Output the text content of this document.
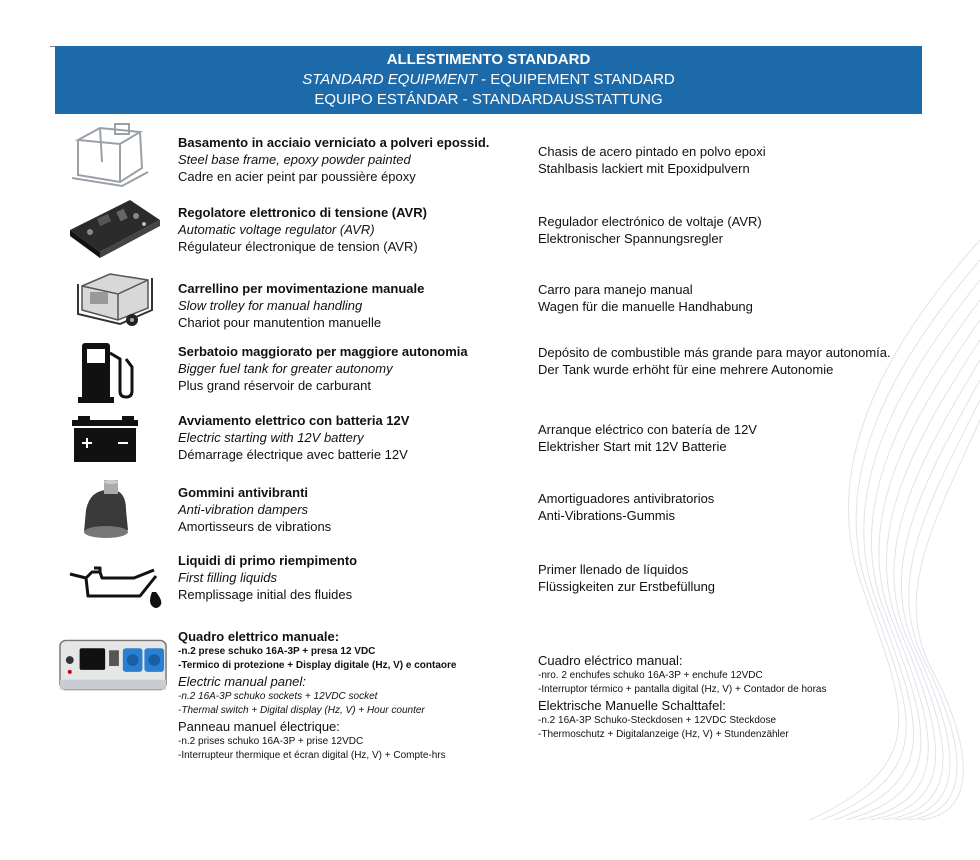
ALLESTIMENTO STANDARD
STANDARD EQUIPMENT - EQUIPEMENT STANDARD
EQUIPO ESTÁNDAR - STANDARDAUSSTATTUNG
Basamento in acciaio verniciato a polveri epossid.
Steel base frame, epoxy powder painted
Cadre en acier peint par poussière époxy
Chasis de acero pintado en polvo epoxi
Stahlbasis lackiert mit Epoxidpulvern
Regolatore elettronico di tensione (AVR)
Automatic voltage regulator (AVR)
Régulateur électronique de tension (AVR)
Regulador electrónico de voltaje (AVR)
Elektronischer Spannungsregler
Carrellino per movimentazione manuale
Slow trolley for manual handling
Chariot pour manutention manuelle
Carro para manejo manual
Wagen für die manuelle Handhabung
Serbatoio maggiorato per maggiore autonomia
Bigger fuel tank for greater autonomy
Plus grand réservoir de carburant
Depósito de combustible más grande para mayor autonomía.
Der Tank wurde erhöht für eine mehrere Autonomie
Avviamento elettrico con batteria 12V
Electric starting with 12V battery
Démarrage électrique avec batterie 12V
Arranque eléctrico con batería de 12V
Elektrisher Start mit 12V Batterie
Gommini antivibranti
Anti-vibration dampers
Amortisseurs de vibrations
Amortiguadores antivibratorios
Anti-Vibrations-Gummis
Liquidi di primo riempimento
First filling liquids
Remplissage initial des fluides
Primer llenado de líquidos
Flüssigkeiten zur Erstbefüllung
Quadro elettrico manuale:
-n.2 prese schuko 16A-3P + presa 12 VDC
-Termico di protezione + Display digitale (Hz, V) e contaore
Electric manual panel:
-n.2 16A-3P schuko sockets + 12VDC socket
-Thermal switch + Digital display (Hz, V) + Hour counter
Panneau manuel électrique:
-n.2 prises schuko 16A-3P + prise 12VDC
-Interrupteur thermique et écran digital (Hz, V) + Compte-hrs
Cuadro eléctrico manual:
-nro. 2 enchufes schuko 16A-3P + enchufe 12VDC
-Interruptor térmico + pantalla digital (Hz, V) + Contador de horas
Elektrische Manuelle Schalttafel:
-n.2 16A-3P Schuko-Steckdosen + 12VDC Steckdose
-Thermoschutz + Digitalanzeige (Hz, V) + Stundenzähler
